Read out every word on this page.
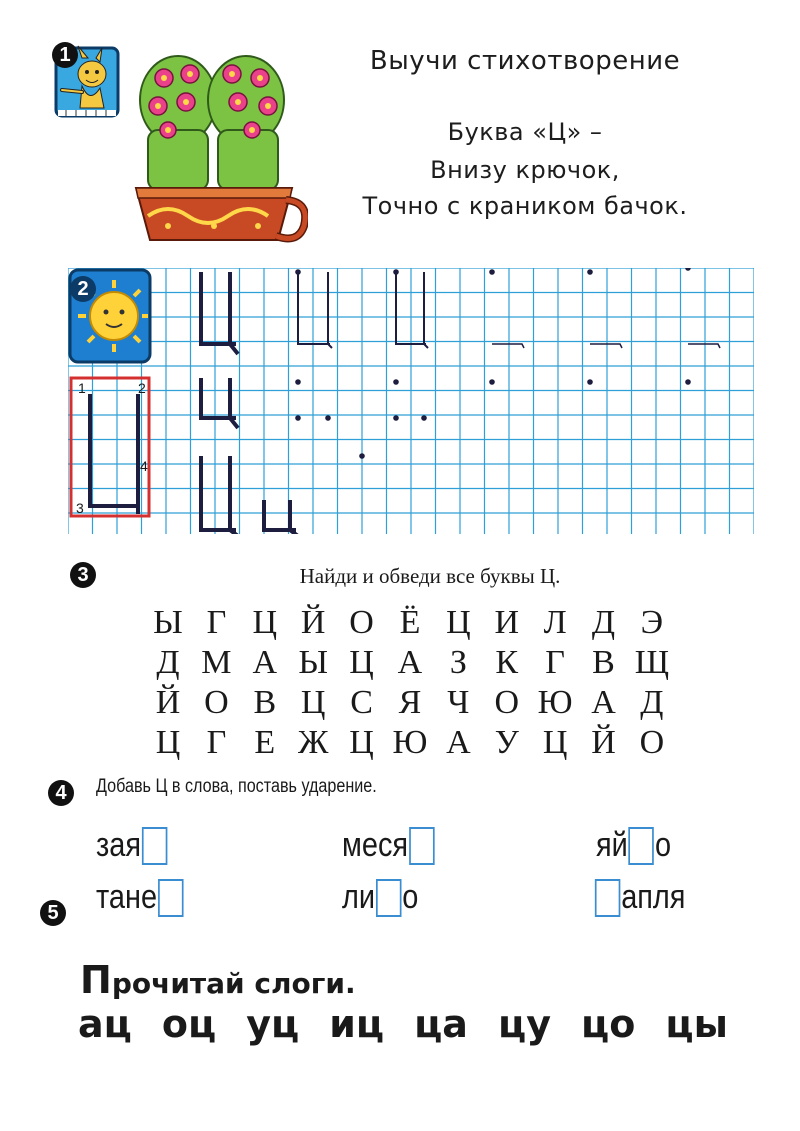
1	Выучи стихотворение
Буква «Ц» –
Внизу крючок,
Точно с краником бачок.
1	2
3
4
2
3	Найди и обведи все буквы Ц.
Ы Г Ц Й О Ё Ц И Л Д Э
Д М А Ы Ц А З К Г В Щ
Й О В Ц С Я Ч О Ю А Д
Ц Г Е Ж Ц Ю А У Ц Й О
4	Добавь Ц в слова, поставь ударение.
зая	меся	яй о
тане	ли о	апля
5
Прочитай слоги.
ац оц уц иц ца цу цо цы
